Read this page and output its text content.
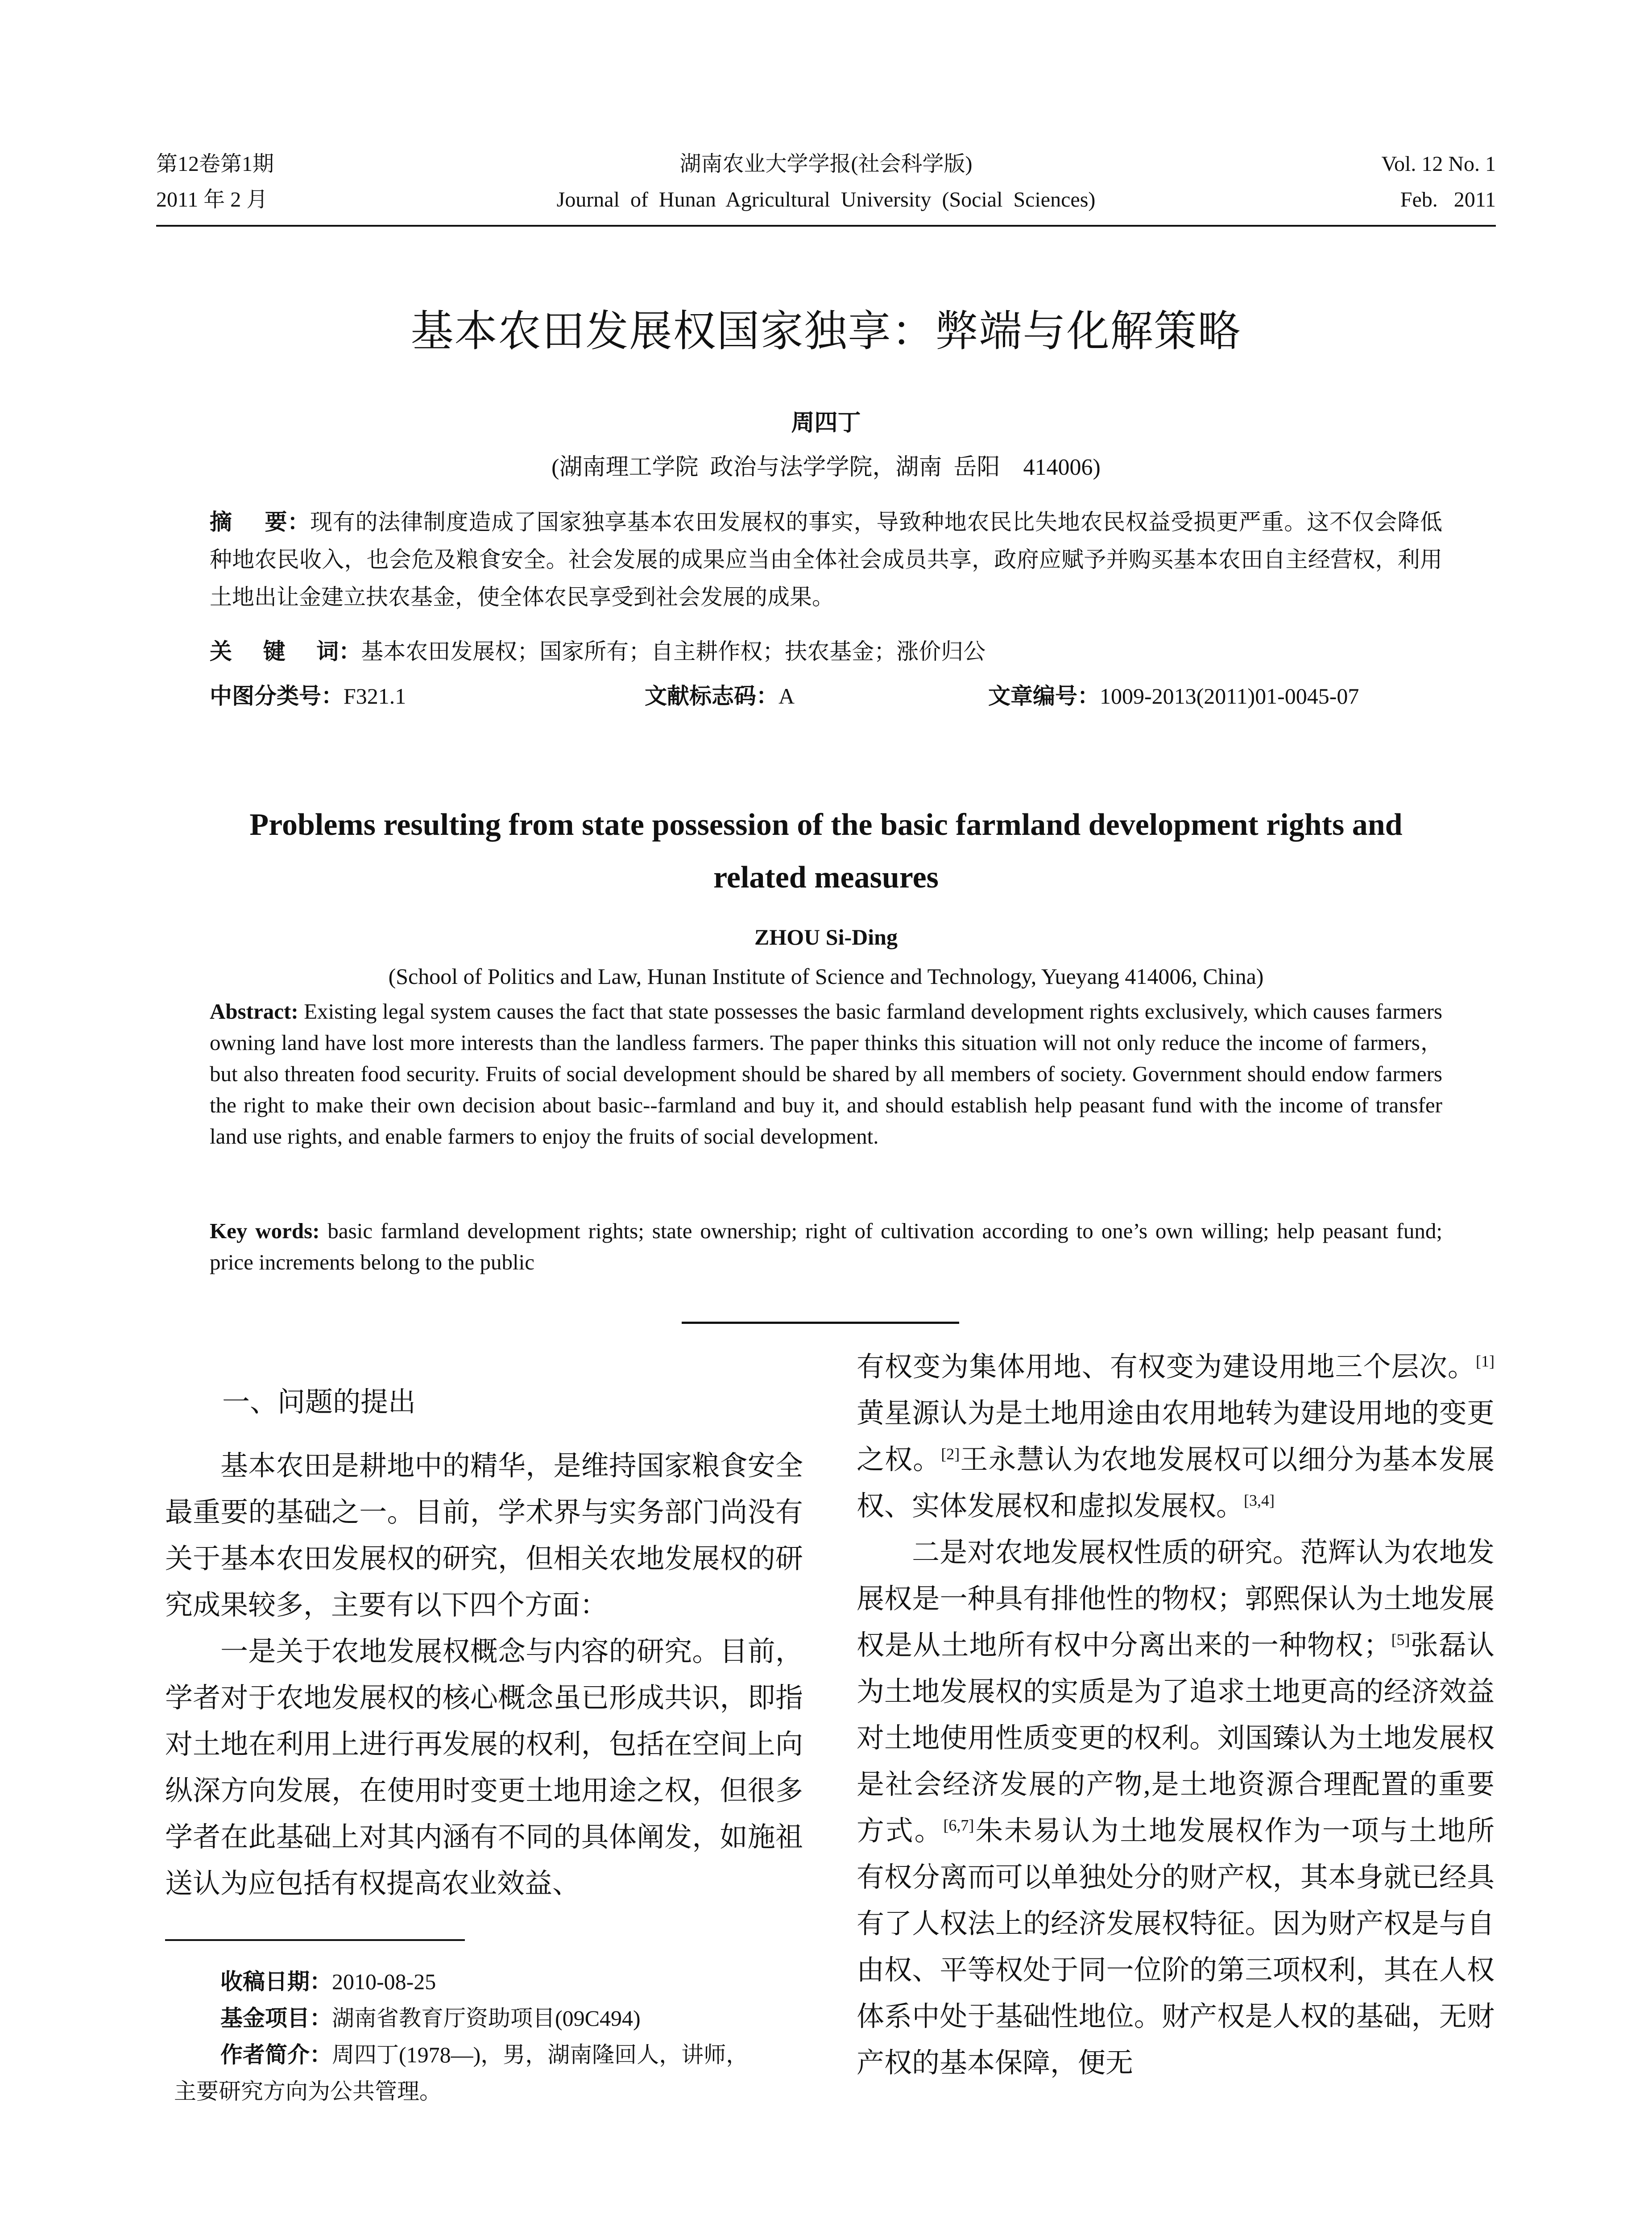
第12卷第1期
2011 年 2 月
湖南农业大学学报(社会科学版)
Journal  of  Hunan  Agricultural  University  (Social  Sciences)
Vol. 12 No. 1
Feb.   2011
基本农田发展权国家独享：弊端与化解策略
周四丁
(湖南理工学院  政治与法学学院，湖南  岳阳    414006)

摘    要：现有的法律制度造成了国家独享基本农田发展权的事实，导致种地农民比失地农民权益受损更严重。这不仅会降低种地农民收入，也会危及粮食安全。社会发展的成果应当由全体社会成员共享，政府应赋予并购买基本农田自主经营权，利用土地出让金建立扶农基金，使全体农民享受到社会发展的成果。

关    键    词：基本农田发展权；国家所有；自主耕作权；扶农基金；涨价归公

中图分类号：F321.1	文献标志码：A	文章编号：1009-2013(2011)01-0045-07
Problems resulting from state possession of the basic farmland development rights and
related measures
ZHOU Si-Ding
(School of Politics and Law, Hunan Institute of Science and Technology, Yueyang 414006, China)

Abstract: Existing legal system causes the fact that state possesses the basic farmland development rights exclusively, which causes farmers owning land have lost more interests than the landless farmers. The paper thinks this situation will not only reduce the income of farmers，but also threaten food security. Fruits of social development should be shared by all members of society. Government should endow farmers the right to make their own decision about basic--farmland and buy it, and should establish help peasant fund with the income of transfer land use rights, and enable farmers to enjoy the fruits of social development.

Key words: basic farmland development rights; state ownership; right of cultivation according to one’s own willing; help peasant fund; price increments belong to the public

一、问题的提出

基本农田是耕地中的精华，是维持国家粮食安全最重要的基础之一。目前，学术界与实务部门尚没有关于基本农田发展权的研究，但相关农地发展权的研究成果较多，主要有以下四个方面：

一是关于农地发展权概念与内容的研究。目前，学者对于农地发展权的核心概念虽已形成共识，即指对土地在利用上进行再发展的权利，包括在空间上向纵深方向发展，在使用时变更土地用途之权，但很多学者在此基础上对其内涵有不同的具体阐发，如施祖送认为应包括有权提高农业效益、

有权变为集体用地、有权变为建设用地三个层次。[1]黄星源认为是土地用途由农用地转为建设用地的变更之权。[2]王永慧认为农地发展权可以细分为基本发展权、实体发展权和虚拟发展权。[3,4]

二是对农地发展权性质的研究。范辉认为农地发展权是一种具有排他性的物权；郭熙保认为土地发展权是从土地所有权中分离出来的一种物权；[5]张磊认为土地发展权的实质是为了追求土地更高的经济效益对土地使用性质变更的权利。刘国臻认为土地发展权是社会经济发展的产物,是土地资源合理配置的重要方式。[6,7]朱未易认为土地发展权作为一项与土地所有权分离而可以单独处分的财产权，其本身就已经具有了人权法上的经济发展权特征。因为财产权是与自由权、平等权处于同一位阶的第三项权利，其在人权体系中处于基础性地位。财产权是人权的基础，无财产权的基本保障，便无

收稿日期：2010-08-25
基金项目：湖南省教育厅资助项目(09C494)
作者简介：周四丁(1978—)，男，湖南隆回人，讲师，
主要研究方向为公共管理。
